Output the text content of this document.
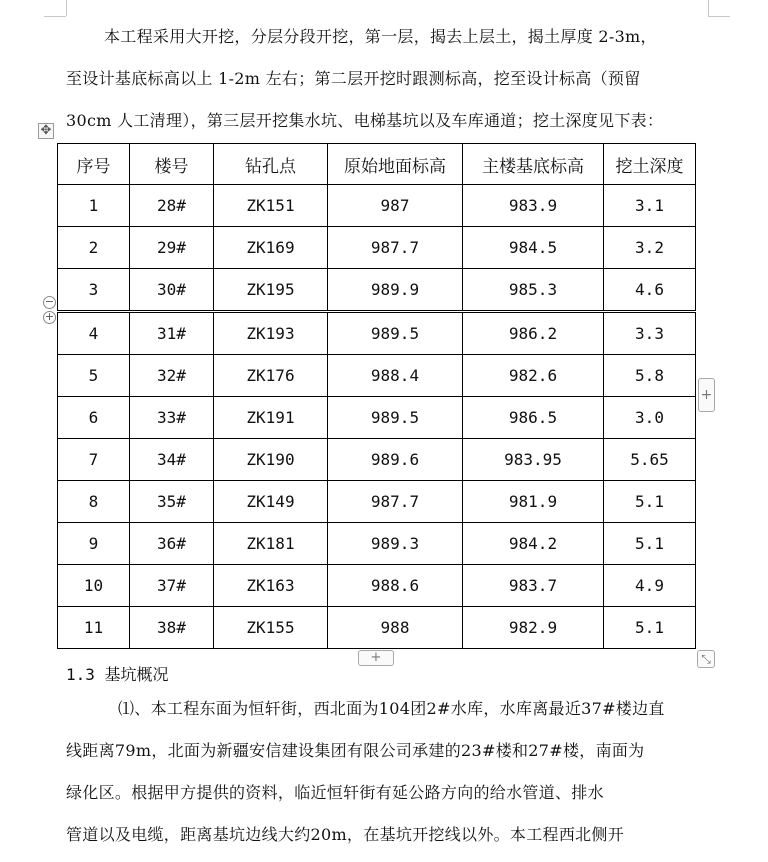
本工程采用大开挖，分层分段开挖，第一层，揭去上层土，揭土厚度 2-3m，
至设计基底标高以上 1-2m 左右；第二层开挖时跟测标高，挖至设计标高（预留
30cm 人工清理），第三层开挖集水坑、电梯基坑以及车库通道；挖土深度见下表：

✥
−
+
序号	楼号	钻孔点	原始地面标高	主楼基底标高	挖土深度
1	28#	ZK151	987	983.9	3.1
2	29#	ZK169	987.7	984.5	3.2
3	30#	ZK195	989.9	985.3	4.6
4	31#	ZK193	989.5	986.2	3.3
5	32#	ZK176	988.4	982.6	5.8
6	33#	ZK191	989.5	986.5	3.0
7	34#	ZK190	989.6	983.95	5.65
8	35#	ZK149	987.7	981.9	5.1
9	36#	ZK181	989.3	984.2	5.1
10	37#	ZK163	988.6	983.7	4.9
11	38#	ZK155	988	982.9	5.1
+
+	⤡
1.3 基坑概况

⑴、本工程东面为恒轩街，西北面为104团2#水库，水库离最近37#楼边直
线距离79m，北面为新疆安信建设集团有限公司承建的23#楼和27#楼，南面为
绿化区。根据甲方提供的资料，临近恒轩街有延公路方向的给水管道、排水
管道以及电缆，距离基坑边线大约20m，在基坑开挖线以外。本工程西北侧开
